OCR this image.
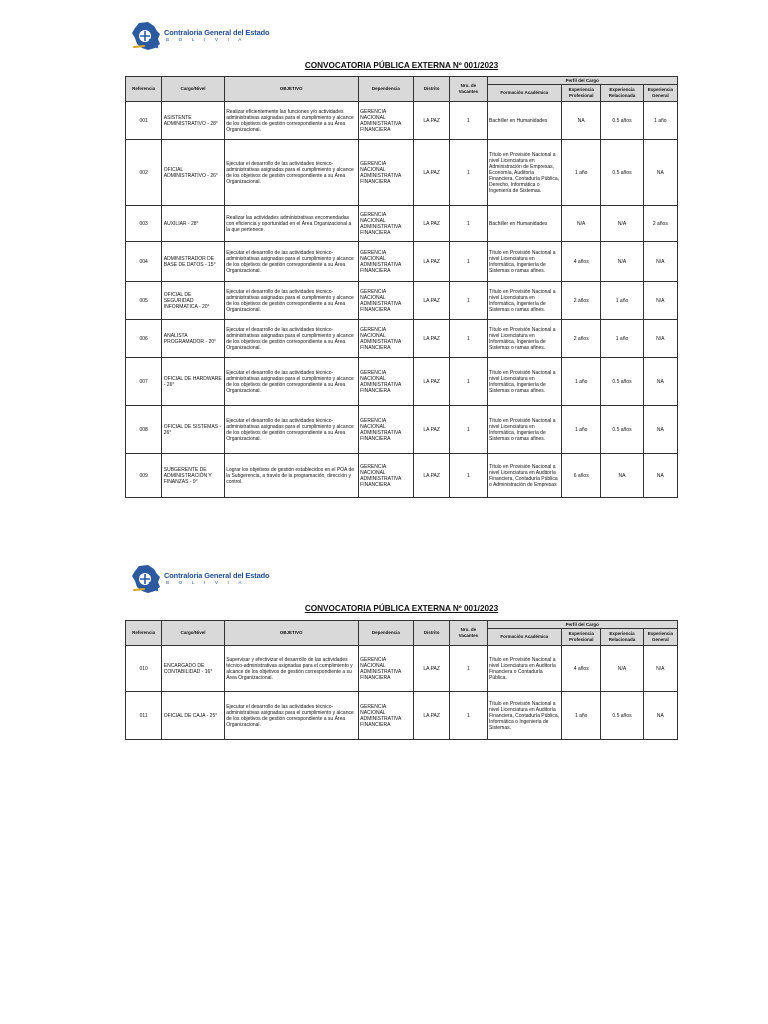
Contraloria General del Estado
BOLIVIA
CONVOCATORIA PÚBLICA EXTERNA Nº 001/2023
Referencia	Cargo/Nivel	OBJETIVO	Dependencia	Distrito	Nro. de Vacantes	Perfil del Cargo			
						Formación Académica	Experiencia Profesional	Experiencia Relacionada	Experiencia General
001	ASISTENTE ADMINISTRATIVO - 28°	Realizar eficientemente las funciones y/o actividades administrativas asignadas para el cumplimiento y alcance de los objetivos de gestión correspondiente a su Área Organizacional.	GERENCIA NACIONAL ADMINISTRATIVA FINANCIERA	LA PAZ	1	Bachiller en Humanidades	NA	0.5 años	1 año
002	OFICIAL ADMINISTRATIVO - 26°	Ejecutar el desarrollo de las actividades técnico-administrativas asignadas para el cumplimiento y alcance de los objetivos de gestión correspondiente a su Área Organizacional.	GERENCIA NACIONAL ADMINISTRATIVA FINANCIERA	LA PAZ	1	Título en Provisión Nacional a nivel Licenciatura en Administración de Empresas, Economía, Auditoría Financiera, Contaduría Pública, Derecho, Informática o Ingeniería de Sistemas.	1 año	0.5 años	NA
003	AUXILIAR - 28°	Realizar las actividades administrativas encomendadas con eficiencia y oportunidad en el Área Organizacional a la que pertenece.	GERENCIA NACIONAL ADMINISTRATIVA FINANCIERA	LA PAZ	1	Bachiller en Humanidades	N/A	N/A	2 años
004	ADMINISTRADOR DE BASE DE DATOS - 15°	Ejecutar el desarrollo de las actividades técnico-administrativas asignadas para el cumplimiento y alcance de los objetivos de gestión correspondiente a su Área Organizacional.	GERENCIA NACIONAL ADMINISTRATIVA FINANCIERA	LA PAZ	1	Título en Provisión Nacional a nivel Licenciatura en Informática, Ingeniería de Sistemas o ramas afines.	4 años	N/A	N/A
005	OFICIAL DE SEGURIDAD INFORMATICA - 20°	Ejecutar el desarrollo de las actividades técnico-administrativas asignadas para el cumplimiento y alcance de los objetivos de gestión correspondiente a su Área Organizacional.	GERENCIA NACIONAL ADMINISTRATIVA FINANCIERA	LA PAZ	1	Título en Provisión Nacional a nivel Licenciatura en Informática, Ingeniería de Sistemas o ramas afines.	2 años	1 año	N/A
006	ANALISTA PROGRAMADOR - 20°	Ejecutar el desarrollo de las actividades técnico-administrativas asignadas para el cumplimiento y alcance de los objetivos de gestión correspondiente a su Área Organizacional.	GERENCIA NACIONAL ADMINISTRATIVA FINANCIERA	LA PAZ	1	Título en Provisión Nacional a nivel Licenciatura en Informática, Ingeniería de Sistemas o ramas afines.	2 años	1 año	N/A
007	OFICIAL DE HARDWARE - 26°	Ejecutar el desarrollo de las actividades técnico-administrativas asignadas para el cumplimiento y alcance de los objetivos de gestión correspondiente a su Área Organizacional.	GERENCIA NACIONAL ADMINISTRATIVA FINANCIERA	LA PAZ	1	Título en Provisión Nacional a nivel Licenciatura en Informática, Ingeniería de Sistemas o ramas afines.	1 año	0.5 años	NA
008	OFICIAL DE SISTEMAS - 26°	Ejecutar el desarrollo de las actividades técnico-administrativas asignadas para el cumplimiento y alcance de los objetivos de gestión correspondiente a su Área Organizacional.	GERENCIA NACIONAL ADMINISTRATIVA FINANCIERA	LA PAZ	1	Título en Provisión Nacional a nivel Licenciatura en Informática, Ingeniería de Sistemas o ramas afines.	1 año	0.5 años	NA
009	SUBGERENTE DE ADMINISTRACIÓN Y FINANZAS - 9°	Lograr los objetivos de gestión establecidos en el POA de la Subgerencia, a través de la programación, dirección y control.	GERENCIA NACIONAL ADMINISTRATIVA FINANCIERA	LA PAZ	1	Título en Provisión Nacional a nivel Licenciatura en Auditoría Financiera, Contaduría Pública o Administración de Empresas	6 años	NA	NA
Contraloria General del Estado
BOLIVIA
CONVOCATORIA PÚBLICA EXTERNA Nº 001/2023
Referencia	Cargo/Nivel	OBJETIVO	Dependencia	Distrito	Nro. de Vacantes	Perfil del Cargo			
						Formación Académica	Experiencia Profesional	Experiencia Relacionada	Experiencia General
010	ENCARGADO DE CONTABILIDAD - 16°	Supervisar y efectivizar el desarrollo de las actividades técnico-administrativas asignadas para el cumplimiento y alcance de los objetivos de gestión correspondiente a su Área Organizacional.	GERENCIA NACIONAL ADMINISTRATIVA FINANCIERA	LA PAZ	1	Título en Provisión Nacional a nivel Licenciatura en Auditoría Financiera o Contaduría Pública.	4 años	N/A	N/A
011	OFICIAL DE CAJA - 25°	Ejecutar el desarrollo de las actividades técnico-administrativas asignadas para el cumplimiento y alcance de los objetivos de gestión correspondiente a su Área Organizacional.	GERENCIA NACIONAL ADMINISTRATIVA FINANCIERA	LA PAZ	1	Título en Provisión Nacional a nivel Licenciatura en Auditoría Financiera, Contaduría Pública, Informática o Ingeniería de Sistemas.	1 año	0.5 años	NA
